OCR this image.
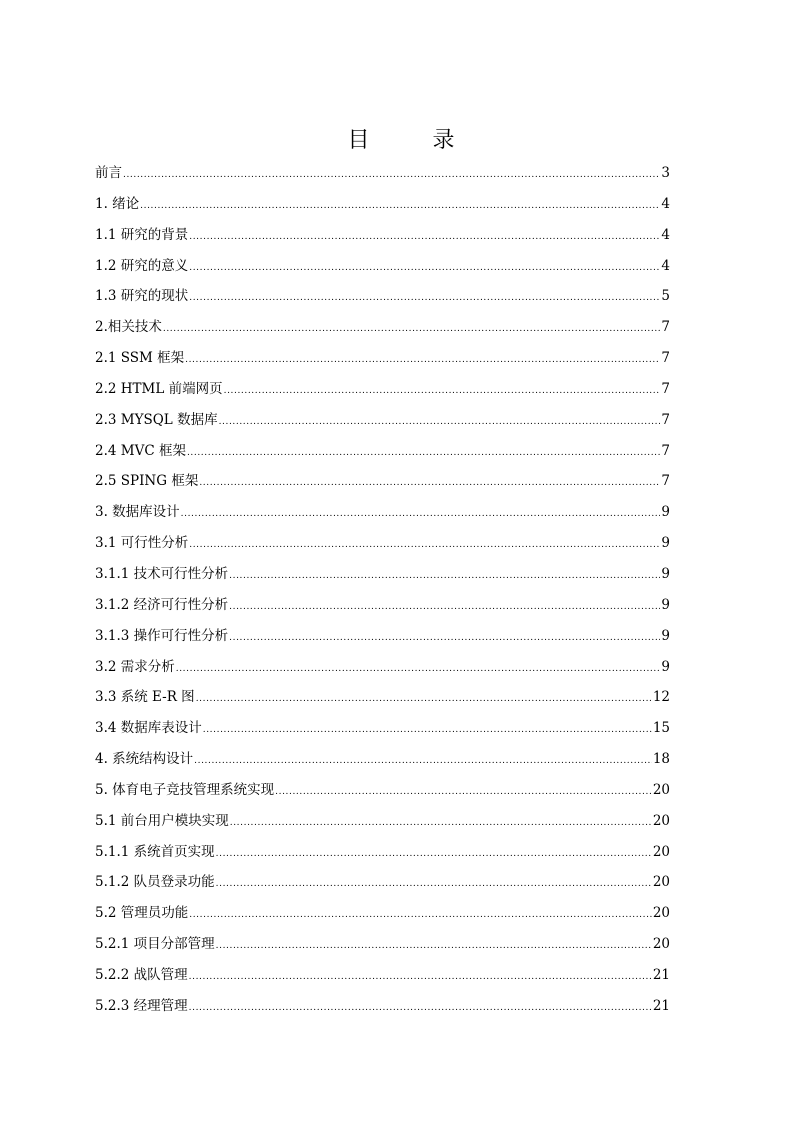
目 录
前言 .....	3
1. 绪论 .....	4
1.1 研究的背景 .....	4
1.2 研究的意义 .....	4
1.3 研究的现状 .....	5
2.相关技术 .....	7
2.1 SSM 框架 .....	7
2.2 HTML 前端网页 .....	7
2.3 MYSQL 数据库 .....	7
2.4 MVC 框架 .....	7
2.5 SPING 框架 .....	7
3. 数据库设计 .....	9
3.1 可行性分析 .....	9
3.1.1 技术可行性分析 .....	9
3.1.2 经济可行性分析 .....	9
3.1.3 操作可行性分析 .....	9
3.2 需求分析 .....	9
3.3 系统 E-R 图 .....	12
3.4 数据库表设计 .....	15
4. 系统结构设计 .....	18
5. 体育电子竞技管理系统实现 .....	20
5.1 前台用户模块实现 .....	20
5.1.1 系统首页实现 .....	20
5.1.2 队员登录功能 .....	20
5.2 管理员功能 .....	20
5.2.1 项目分部管理 .....	20
5.2.2 战队管理 .....	21
5.2.3 经理管理 .....	21
